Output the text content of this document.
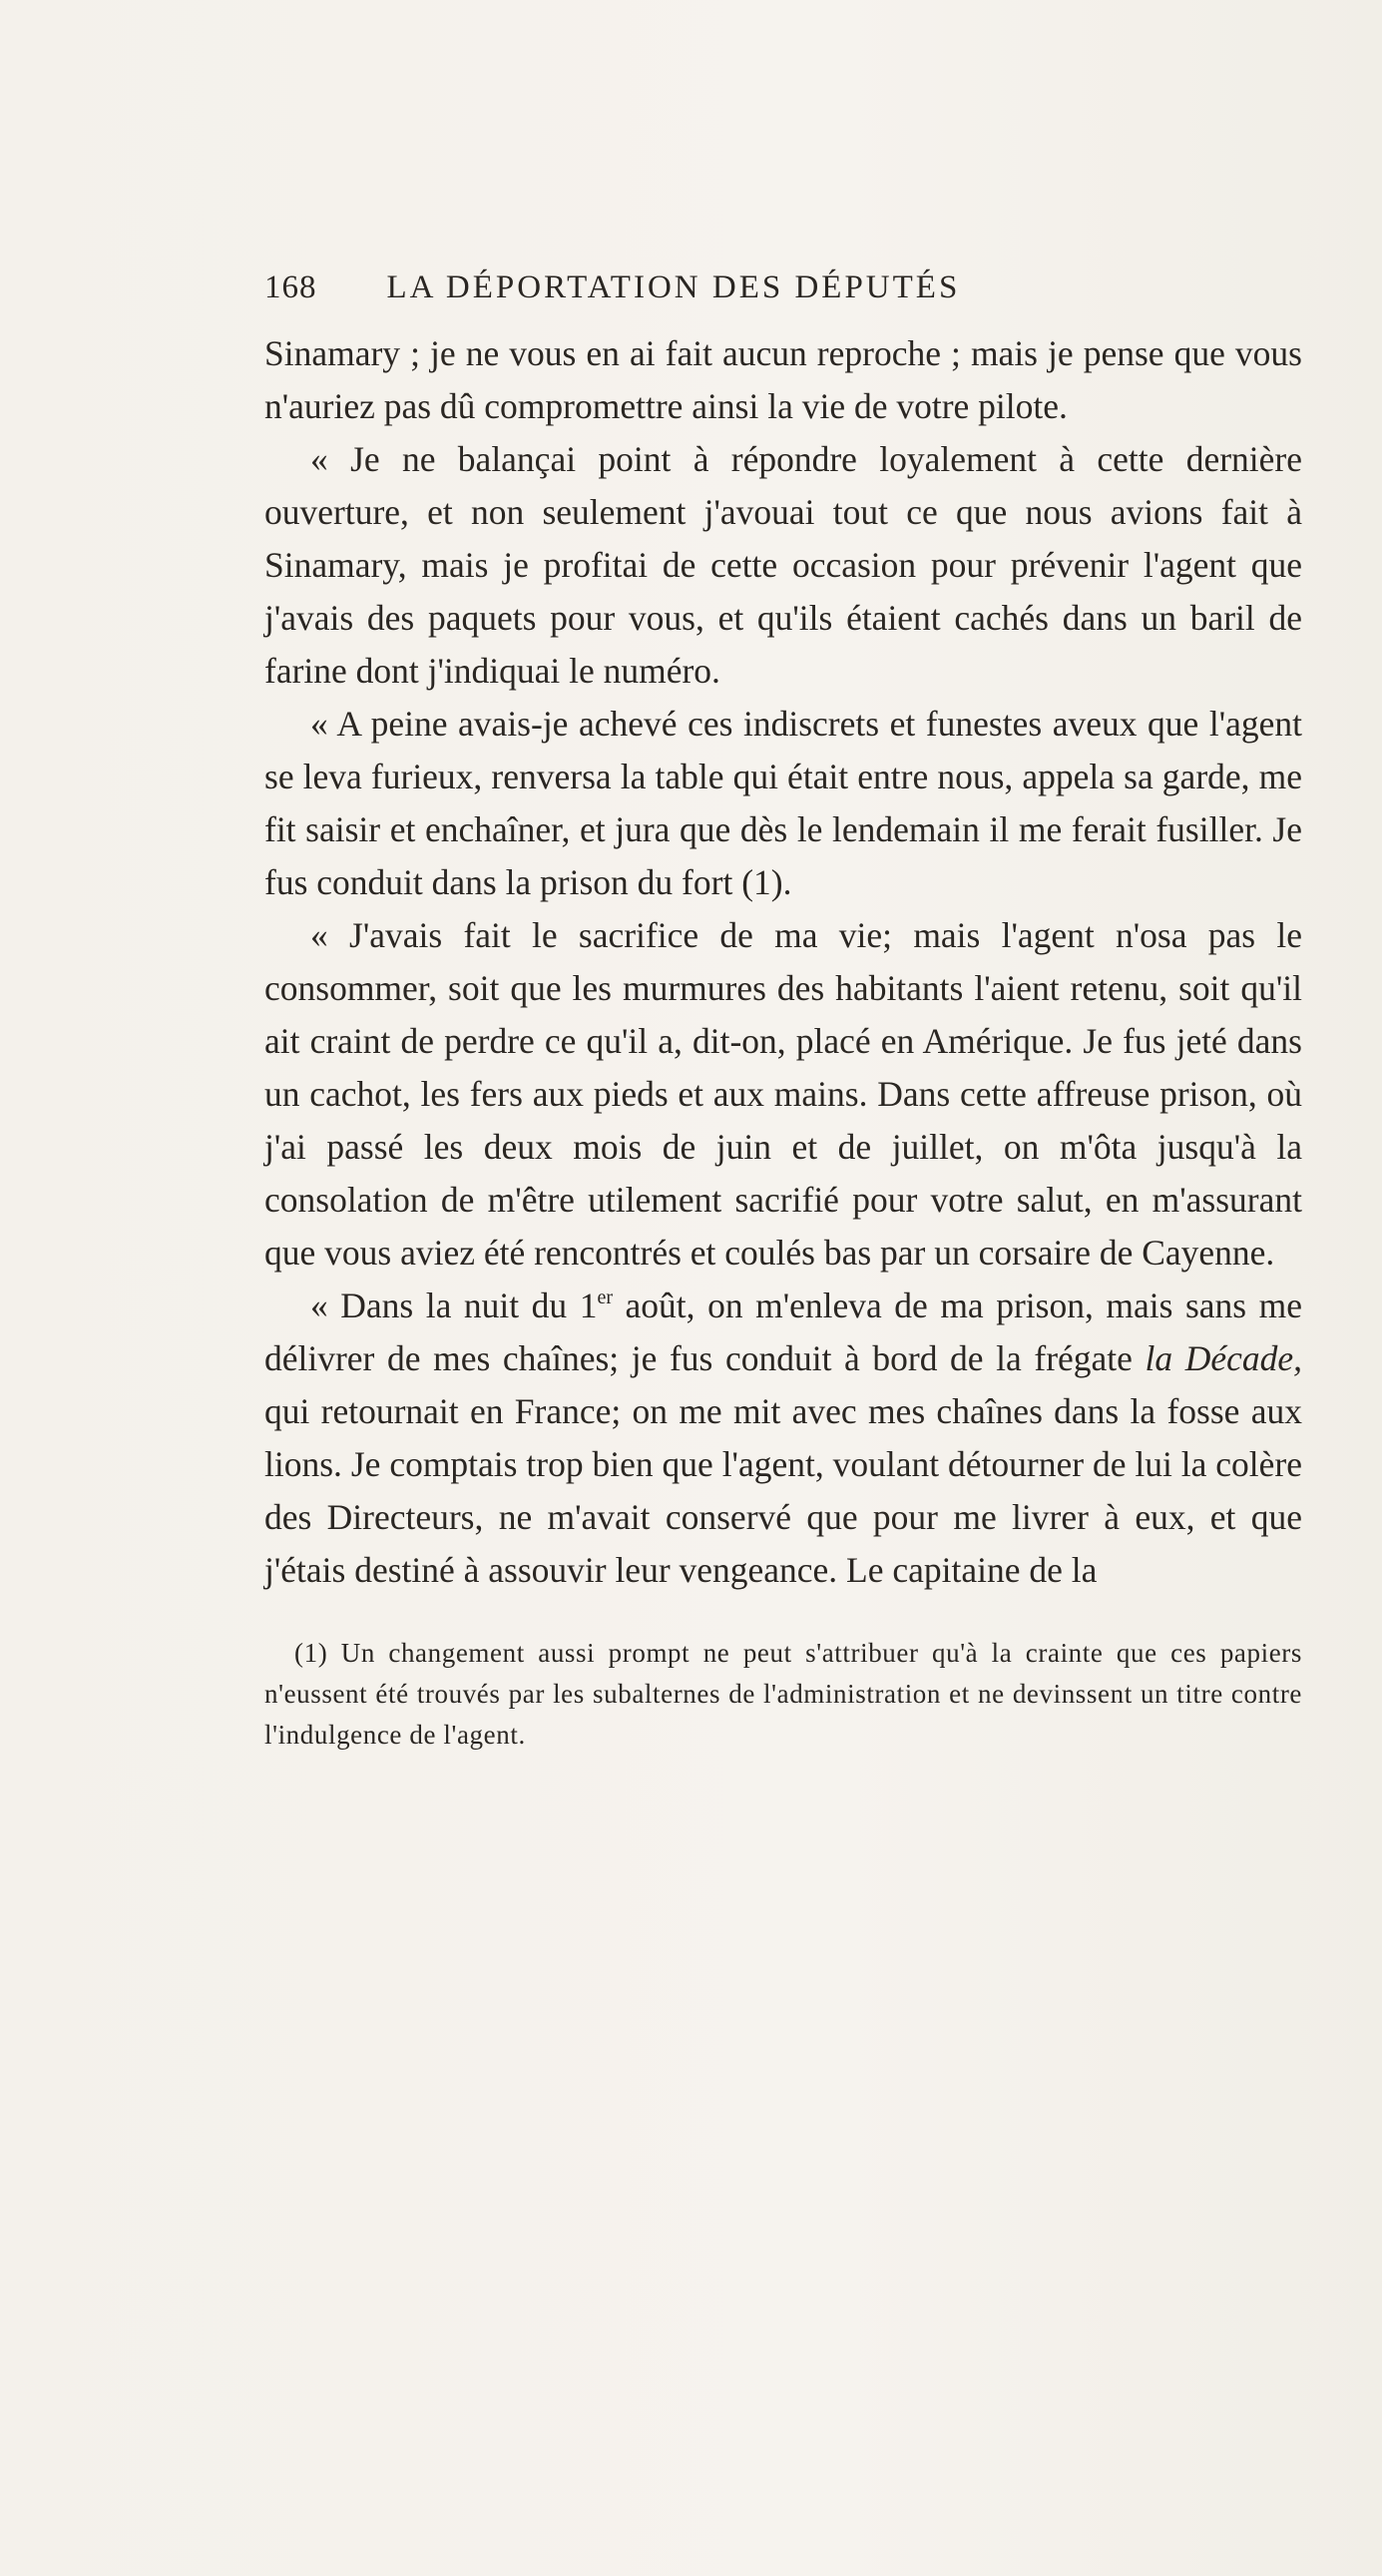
168 LA DÉPORTATION DES DÉPUTÉS

Sinamary ; je ne vous en ai fait aucun reproche ; mais je pense que vous n'auriez pas dû compromettre ainsi la vie de votre pilote.

« Je ne balançai point à répondre loyalement à cette dernière ouverture, et non seulement j'avouai tout ce que nous avions fait à Sinamary, mais je profitai de cette occasion pour prévenir l'agent que j'avais des paquets pour vous, et qu'ils étaient cachés dans un baril de farine dont j'indiquai le numéro.

« A peine avais-je achevé ces indiscrets et funestes aveux que l'agent se leva furieux, renversa la table qui était entre nous, appela sa garde, me fit saisir et enchaîner, et jura que dès le lendemain il me ferait fusiller. Je fus conduit dans la prison du fort (1).

« J'avais fait le sacrifice de ma vie; mais l'agent n'osa pas le consommer, soit que les murmures des habitants l'aient retenu, soit qu'il ait craint de perdre ce qu'il a, dit-on, placé en Amérique. Je fus jeté dans un cachot, les fers aux pieds et aux mains. Dans cette affreuse prison, où j'ai passé les deux mois de juin et de juillet, on m'ôta jusqu'à la consolation de m'être utilement sacrifié pour votre salut, en m'assurant que vous aviez été rencontrés et coulés bas par un corsaire de Cayenne.

« Dans la nuit du 1er août, on m'enleva de ma prison, mais sans me délivrer de mes chaînes; je fus conduit à bord de la frégate la Décade, qui retournait en France; on me mit avec mes chaînes dans la fosse aux lions. Je comptais trop bien que l'agent, voulant détourner de lui la colère des Directeurs, ne m'avait conservé que pour me livrer à eux, et que j'étais destiné à assouvir leur vengeance. Le capitaine de la

(1) Un changement aussi prompt ne peut s'attribuer qu'à la crainte que ces papiers n'eussent été trouvés par les subalternes de l'administration et ne devinssent un titre contre l'indulgence de l'agent.
